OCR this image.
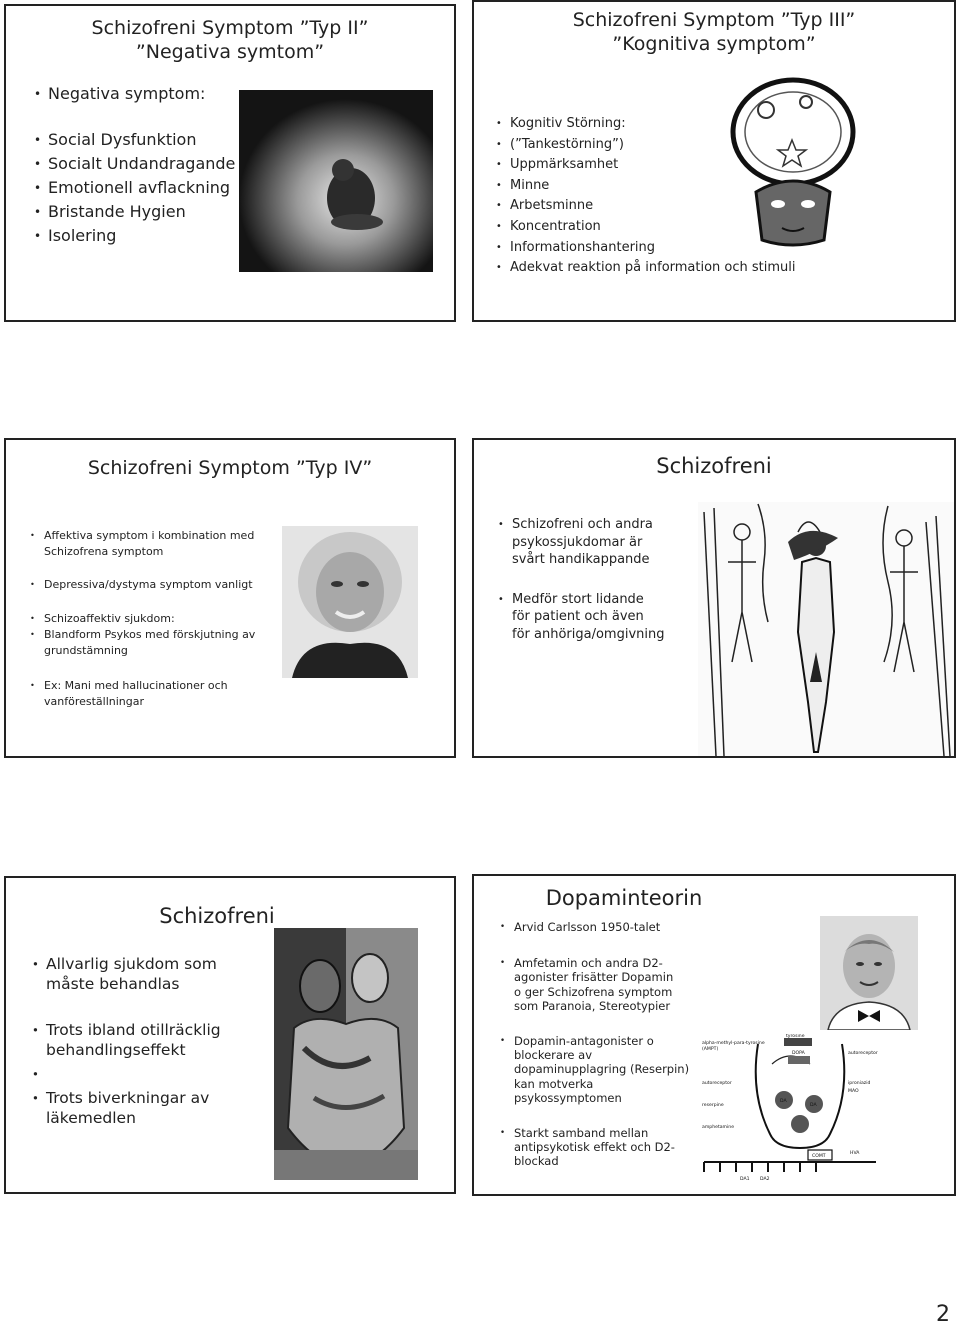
Schizofreni Symptom ”Typ II”
”Negativa symtom”
• Negativa symptom:
• Social Dysfunktion
• Socialt Undandragande
• Emotionell avflackning
• Bristande Hygien
• Isolering
Schizofreni Symptom ”Typ III”
”Kognitiva symptom”
• Kognitiv Störning:
• (”Tankestörning”)
• Uppmärksamhet
• Minne
• Arbetsminne
• Koncentration
• Informationshantering
• Adekvat reaktion på information och stimuli
Schizofreni Symptom ”Typ IV”
• Affektiva symptom i kombination med
Schizofrena symptom
• Depressiva/dystyma symptom vanligt
• Schizoaffektiv sjukdom:
• Blandform Psykos med förskjutning av
grundstämning
• Ex: Mani med hallucinationer och
vanföreställningar
Schizofreni
• Schizofreni och andra
psykossjukdomar är
svårt handikappande
• Medför stort lidande
för patient och även
för anhöriga/omgivning
Schizofreni
• Allvarlig sjukdom som
måste behandlas
• Trots ibland otillräcklig
behandlingseffekt
•
• Trots biverkningar av
läkemedlen
Dopaminteorin
• Arvid Carlsson 1950-talet
• Amfetamin och andra D2-
agonister frisätter Dopamin
o ger Schizofrena symptom
som Paranoia, Stereotypier
• Dopamin-antagonister o
blockerare av
dopaminupplagring (Reserpin)
kan motverka
psykossymptomen
• Starkt samband mellan
antipsykotisk effekt och D2-
blockad
alpha-methyl-para-tyrosine
(AMPT)
tyrosine
DOPA	autoreceptor
reserpine
amphetamine
autoreceptor	iproniazid
MAO
DA
DA
COMT
HVA
DA1 DA2
2
